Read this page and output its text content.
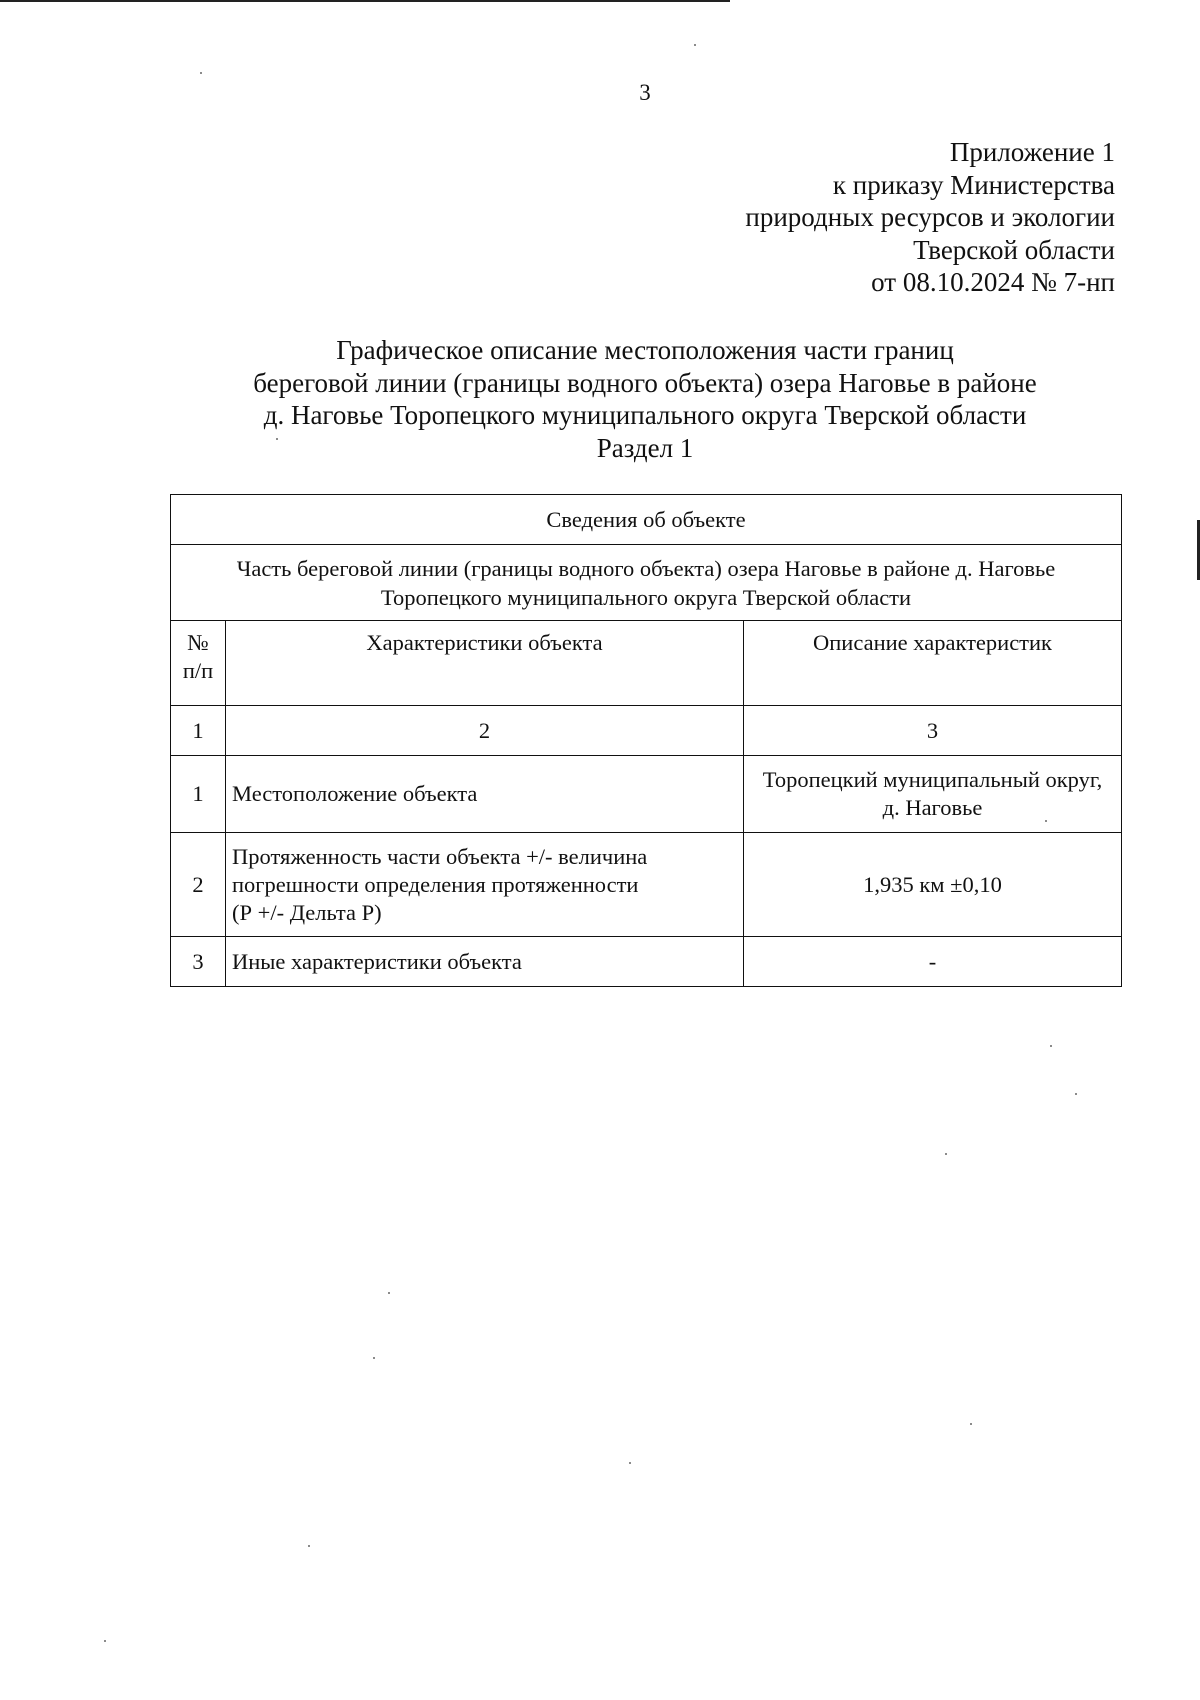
3
Приложение 1
к приказу Министерства
природных ресурсов и экологии
Тверской области
от 08.10.2024 № 7-нп
Графическое описание местоположения части границ
береговой линии (границы водного объекта) озера Наговье в районе
д. Наговье Торопецкого муниципального округа Тверской области
Раздел 1
Сведения об объекте		

Часть береговой линии (границы водного объекта) озера Наговье в районе д. Наговье
Торопецкого муниципального округа Тверской области		

№
п/п	Характеристики объекта	Описание характеристик
1	2	3
1	Местоположение объекта	Торопецкий муниципальный округ,
д. Наговье

2	Протяженность части объекта +/- величина
погрешности определения протяженности
(Р +/- Дельта Р)	1,935 км ±0,10
3	Иные характеристики объекта	-
